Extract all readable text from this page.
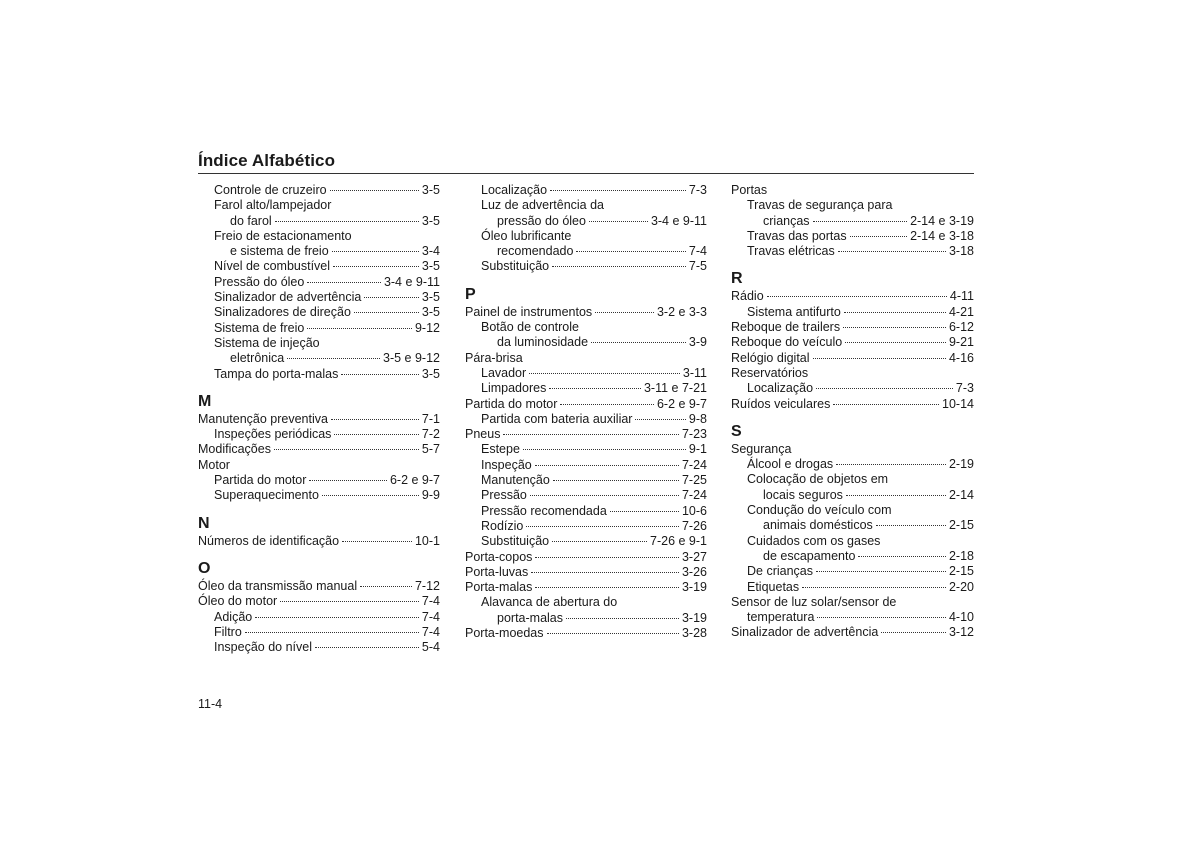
Índice Alfabético
Controle de cruzeiro	3-5
Farol alto/lampejador
do farol	3-5
Freio de estacionamento
e sistema de freio	3-4
Nível de combustível	3-5
Pressão do óleo	3-4 e 9-11
Sinalizador de advertência	3-5
Sinalizadores de direção	3-5
Sistema de freio	9-12
Sistema de injeção
eletrônica	3-5 e 9-12
Tampa do porta-malas	3-5
M
Manutenção preventiva	7-1
Inspeções periódicas	7-2
Modificações	5-7
Motor
Partida do motor	6-2 e 9-7
Superaquecimento	9-9
N
Números de identificação	10-1
O
Óleo da transmissão manual	7-12
Óleo do motor	7-4
Adição	7-4
Filtro	7-4
Inspeção do nível	5-4
Localização	7-3
Luz de advertência da
pressão do óleo	3-4 e 9-11
Óleo lubrificante
recomendado	7-4
Substituição	7-5
P
Painel de instrumentos	3-2 e 3-3
Botão de controle
da luminosidade	3-9
Pára-brisa
Lavador	3-11
Limpadores	3-11 e 7-21
Partida do motor	6-2 e 9-7
Partida com bateria auxiliar	9-8
Pneus	7-23
Estepe	9-1
Inspeção	7-24
Manutenção	7-25
Pressão	7-24
Pressão recomendada	10-6
Rodízio	7-26
Substituição	7-26 e 9-1
Porta-copos	3-27
Porta-luvas	3-26
Porta-malas	3-19
Alavanca de abertura do
porta-malas	3-19
Porta-moedas	3-28
Portas
Travas de segurança para
crianças	2-14 e 3-19
Travas das portas	2-14 e 3-18
Travas elétricas	3-18
R
Rádio	4-11
Sistema antifurto	4-21
Reboque de trailers	6-12
Reboque do veículo	9-21
Relógio digital	4-16
Reservatórios
Localização	7-3
Ruídos veiculares	10-14
S
Segurança
Álcool e drogas	2-19
Colocação de objetos em
locais seguros	2-14
Condução do veículo com
animais domésticos	2-15
Cuidados com os gases
de escapamento	2-18
De crianças	2-15
Etiquetas	2-20
Sensor de luz solar/sensor de
temperatura	4-10
Sinalizador de advertência	3-12
11-4
